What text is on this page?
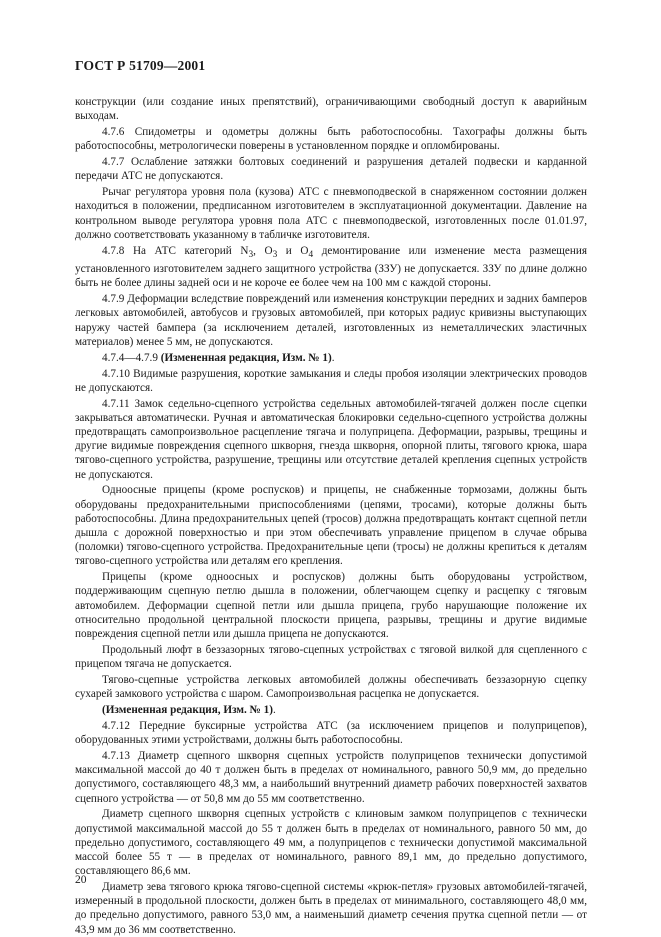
ГОСТ Р 51709—2001

конструкции (или создание иных препятствий), ограничивающими свободный доступ к аварийным выходам.

4.7.6 Спидометры и одометры должны быть работоспособны. Тахографы должны быть работоспособны, метрологически поверены в установленном порядке и опломбированы.

4.7.7 Ослабление затяжки болтовых соединений и разрушения деталей подвески и карданной передачи АТС не допускаются.

Рычаг регулятора уровня пола (кузова) АТС с пневмоподвеской в снаряженном состоянии должен находиться в положении, предписанном изготовителем в эксплуатационной документации. Давление на контрольном выводе регулятора уровня пола АТС с пневмоподвеской, изготовленных после 01.01.97, должно соответствовать указанному в табличке изготовителя.

4.7.8 На АТС категорий $N_3$, $O_3$ и $O_4$ демонтирование или изменение места размещения установленного изготовителем заднего защитного устройства (ЗЗУ) не допускается. ЗЗУ по длине должно быть не более длины задней оси и не короче ее более чем на 100 мм с каждой стороны.

4.7.9 Деформации вследствие повреждений или изменения конструкции передних и задних бамперов легковых автомобилей, автобусов и грузовых автомобилей, при которых радиус кривизны выступающих наружу частей бампера (за исключением деталей, изготовленных из неметаллических эластичных материалов) менее 5 мм, не допускаются.

4.7.4—4.7.9 (Измененная редакция, Изм. № 1).

4.7.10 Видимые разрушения, короткие замыкания и следы пробоя изоляции электрических проводов не допускаются.

4.7.11 Замок седельно-сцепного устройства седельных автомобилей-тягачей должен после сцепки закрываться автоматически. Ручная и автоматическая блокировки седельно-сцепного устройства должны предотвращать самопроизвольное расцепление тягача и полуприцепа. Деформации, разрывы, трещины и другие видимые повреждения сцепного шкворня, гнезда шкворня, опорной плиты, тягового крюка, шара тягово-сцепного устройства, разрушение, трещины или отсутствие деталей крепления сцепных устройств не допускаются.

Одноосные прицепы (кроме роспусков) и прицепы, не снабженные тормозами, должны быть оборудованы предохранительными приспособлениями (цепями, тросами), которые должны быть работоспособны. Длина предохранительных цепей (тросов) должна предотвращать контакт сцепной петли дышла с дорожной поверхностью и при этом обеспечивать управление прицепом в случае обрыва (поломки) тягово-сцепного устройства. Предохранительные цепи (тросы) не должны крепиться к деталям тягово-сцепного устройства или деталям его крепления.

Прицепы (кроме одноосных и роспусков) должны быть оборудованы устройством, поддерживающим сцепную петлю дышла в положении, облегчающем сцепку и расцепку с тяговым автомобилем. Деформации сцепной петли или дышла прицепа, грубо нарушающие положение их относительно продольной центральной плоскости прицепа, разрывы, трещины и другие видимые повреждения сцепной петли или дышла прицепа не допускаются.

Продольный люфт в беззазорных тягово-сцепных устройствах с тяговой вилкой для сцепленного с прицепом тягача не допускается.

Тягово-сцепные устройства легковых автомобилей должны обеспечивать беззазорную сцепку сухарей замкового устройства с шаром. Самопроизвольная расцепка не допускается.

(Измененная редакция, Изм. № 1).

4.7.12 Передние буксирные устройства АТС (за исключением прицепов и полуприцепов), оборудованных этими устройствами, должны быть работоспособны.

4.7.13 Диаметр сцепного шкворня сцепных устройств полуприцепов технически допустимой максимальной массой до 40 т должен быть в пределах от номинального, равного 50,9 мм, до предельно допустимого, составляющего 48,3 мм, а наибольший внутренний диаметр рабочих поверхностей захватов сцепного устройства — от 50,8 мм до 55 мм соответственно.

Диаметр сцепного шкворня сцепных устройств с клиновым замком полуприцепов с технически допустимой максимальной массой до 55 т должен быть в пределах от номинального, равного 50 мм, до предельно допустимого, составляющего 49 мм, а полуприцепов с технически допустимой максимальной массой более 55 т — в пределах от номинального, равного 89,1 мм, до предельно допустимого, составляющего 86,6 мм.

Диаметр зева тягового крюка тягово-сцепной системы «крюк-петля» грузовых автомобилей-тягачей, измеренный в продольной плоскости, должен быть в пределах от минимального, составляющего 48,0 мм, до предельно допустимого, равного 53,0 мм, а наименьший диаметр сечения прутка сцепной петли — от 43,9 мм до 36 мм соответственно.

20
